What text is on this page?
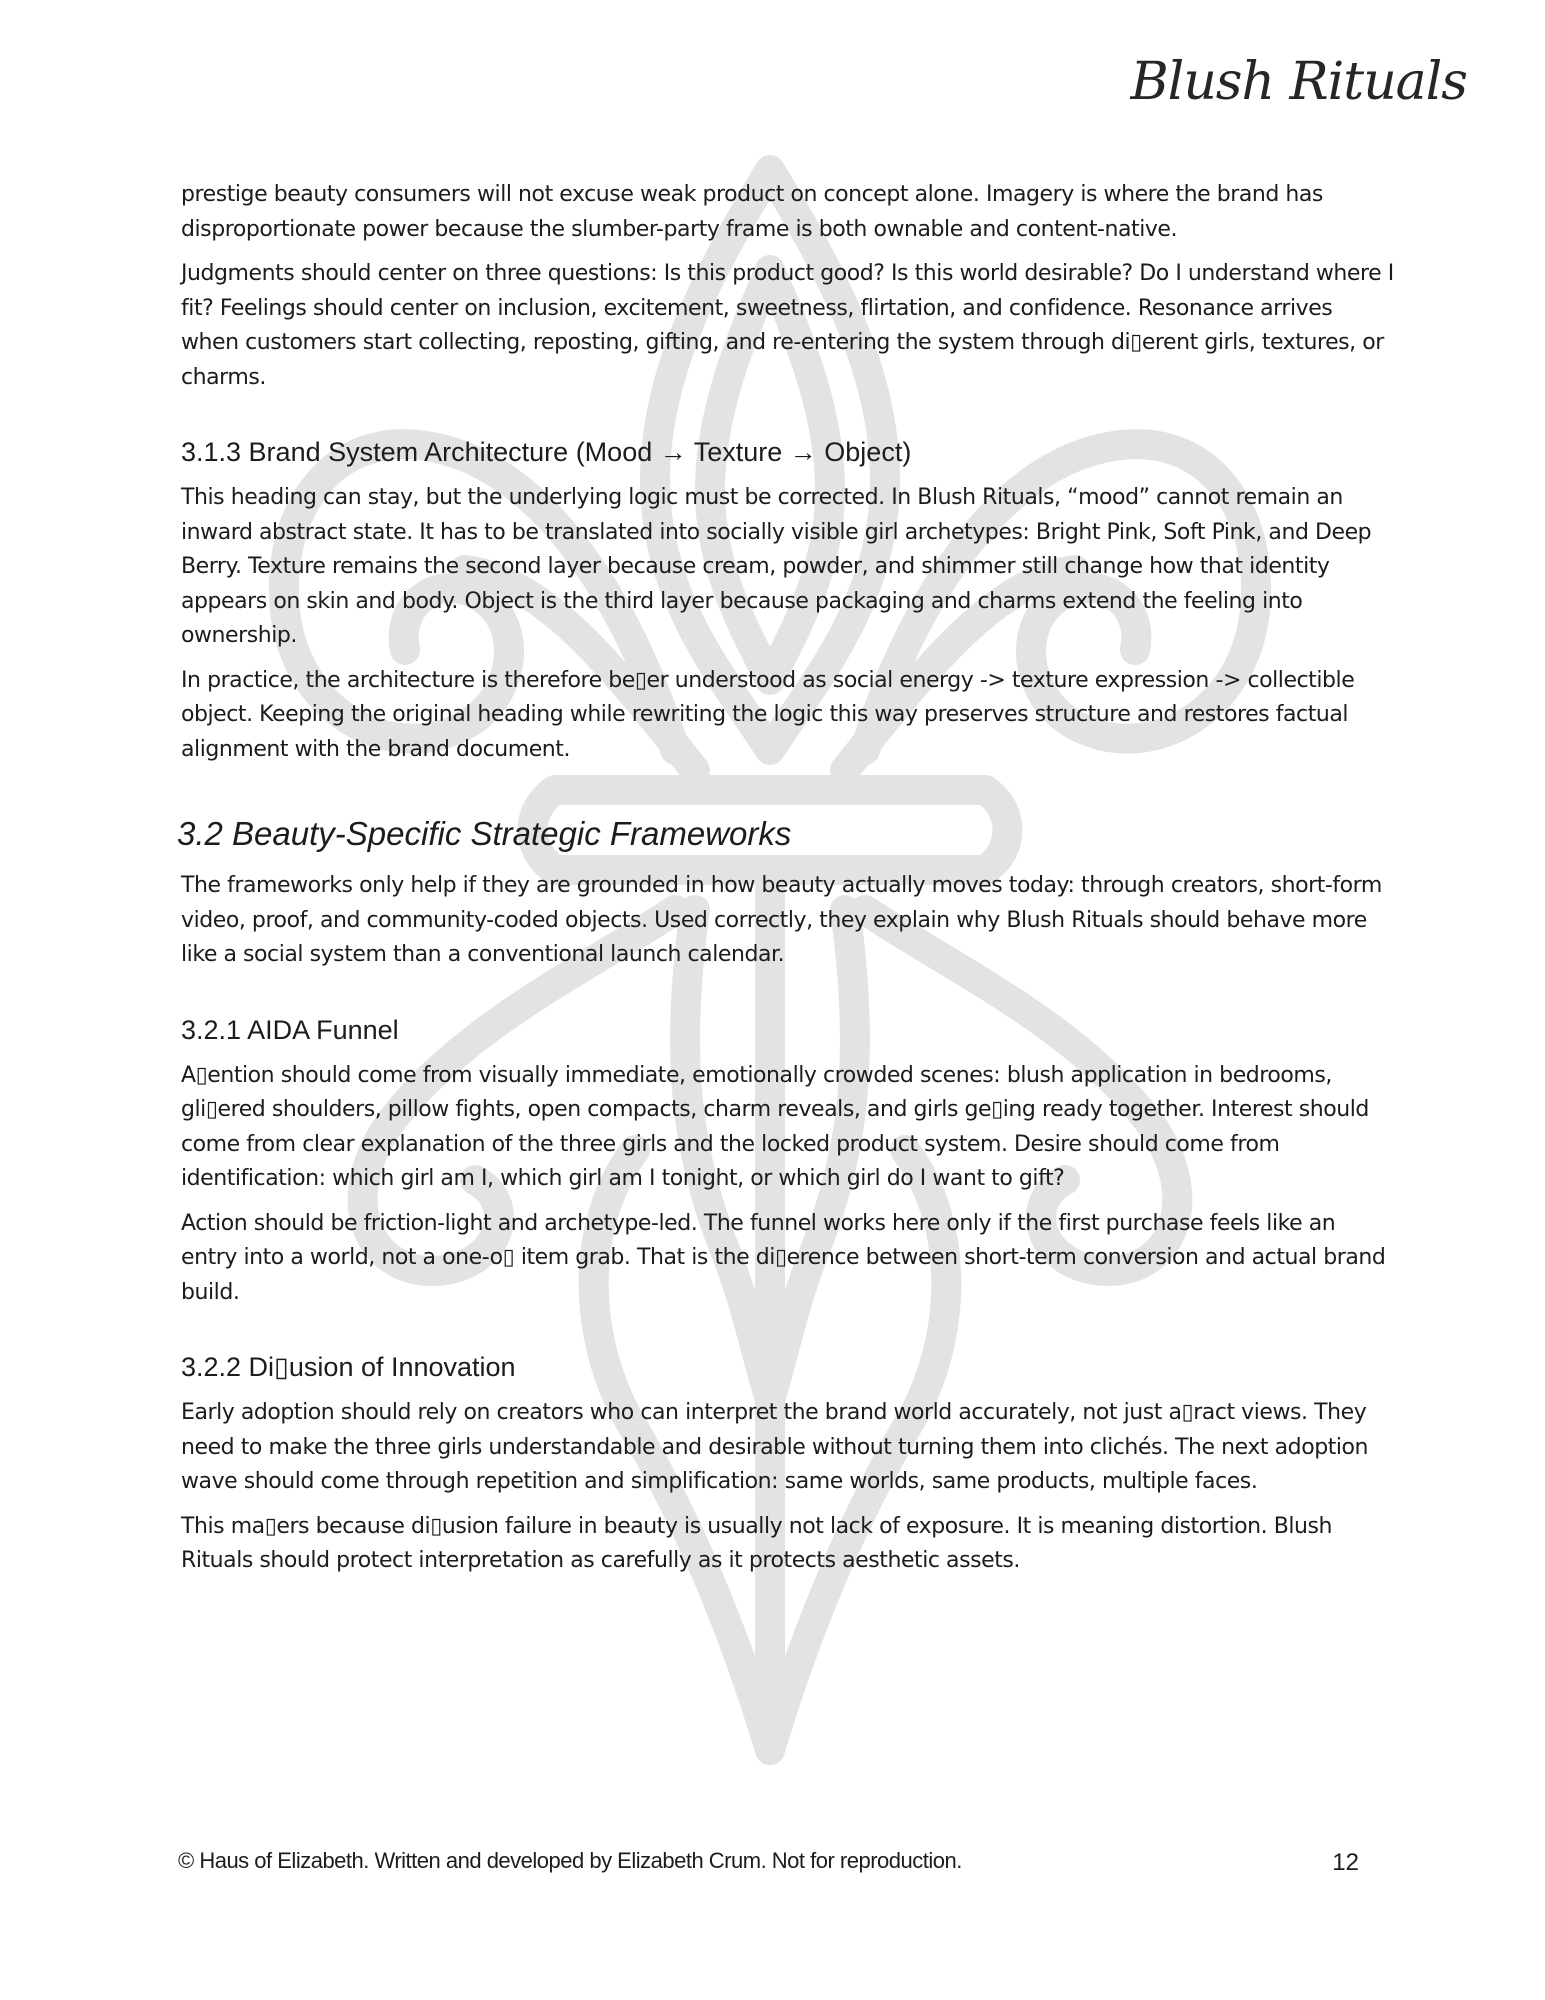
Blush Rituals

prestige beauty consumers will not excuse weak product on concept alone. Imagery is where the brand has disproportionate power because the slumber-party frame is both ownable and content-native.

Judgments should center on three questions: Is this product good? Is this world desirable? Do I understand where I fit? Feelings should center on inclusion, excitement, sweetness, flirtation, and confidence. Resonance arrives when customers start collecting, reposting, gifting, and re-entering the system through di▯erent girls, textures, or charms.

3.1.3 Brand System Architecture (Mood → Texture → Object)

This heading can stay, but the underlying logic must be corrected. In Blush Rituals, “mood” cannot remain an inward abstract state. It has to be translated into socially visible girl archetypes: Bright Pink, Soft Pink, and Deep Berry. Texture remains the second layer because cream, powder, and shimmer still change how that identity appears on skin and body. Object is the third layer because packaging and charms extend the feeling into ownership.

In practice, the architecture is therefore be▯er understood as social energy -> texture expression -> collectible object. Keeping the original heading while rewriting the logic this way preserves structure and restores factual alignment with the brand document.

3.2 Beauty-Specific Strategic Frameworks

The frameworks only help if they are grounded in how beauty actually moves today: through creators, short-form video, proof, and community-coded objects. Used correctly, they explain why Blush Rituals should behave more like a social system than a conventional launch calendar.

3.2.1 AIDA Funnel

A▯ention should come from visually immediate, emotionally crowded scenes: blush application in bedrooms, gli▯ered shoulders, pillow fights, open compacts, charm reveals, and girls ge▯ing ready together. Interest should come from clear explanation of the three girls and the locked product system. Desire should come from identification: which girl am I, which girl am I tonight, or which girl do I want to gift?

Action should be friction-light and archetype-led. The funnel works here only if the first purchase feels like an entry into a world, not a one-o▯ item grab. That is the di▯erence between short-term conversion and actual brand build.

3.2.2 Di▯usion of Innovation

Early adoption should rely on creators who can interpret the brand world accurately, not just a▯ract views. They need to make the three girls understandable and desirable without turning them into clichés. The next adoption wave should come through repetition and simplification: same worlds, same products, multiple faces.

This ma▯ers because di▯usion failure in beauty is usually not lack of exposure. It is meaning distortion. Blush Rituals should protect interpretation as carefully as it protects aesthetic assets.

© Haus of Elizabeth. Written and developed by Elizabeth Crum. Not for reproduction.	12
